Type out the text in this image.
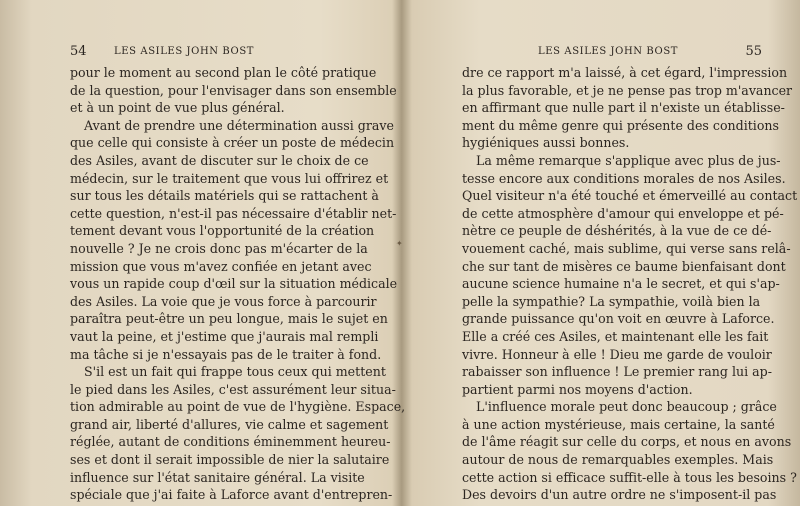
54	LES ASILES JOHN BOST
pour le moment au second plan le côté pratique
de la question, pour l'envisager dans son ensemble
et à un point de vue plus général.
Avant de prendre une détermination aussi grave
que celle qui consiste à créer un poste de médecin
des Asiles, avant de discuter sur le choix de ce
médecin, sur le traitement que vous lui offrirez et
sur tous les détails matériels qui se rattachent à
cette question, n'est-il pas nécessaire d'établir net-
tement devant vous l'opportunité de la création
nouvelle ? Je ne crois donc pas m'écarter de la
mission que vous m'avez confiée en jetant avec
vous un rapide coup d'œil sur la situation médicale
des Asiles. La voie que je vous force à parcourir
paraîtra peut-être un peu longue, mais le sujet en
vaut la peine, et j'estime que j'aurais mal rempli
ma tâche si je n'essayais pas de le traiter à fond.
S'il est un fait qui frappe tous ceux qui mettent
le pied dans les Asiles, c'est assurément leur situa-
tion admirable au point de vue de l'hygiène. Espace,
grand air, liberté d'allures, vie calme et sagement
réglée, autant de conditions éminemment heureu-
ses et dont il serait impossible de nier la salutaire
influence sur l'état sanitaire général. La visite
spéciale que j'ai faite à Laforce avant d'entrepren-
✦
LES ASILES JOHN BOST	55
dre ce rapport m'a laissé, à cet égard, l'impression
la plus favorable, et je ne pense pas trop m'avancer
en affirmant que nulle part il n'existe un établisse-
ment du même genre qui présente des conditions
hygiéniques aussi bonnes.
La même remarque s'applique avec plus de jus-
tesse encore aux conditions morales de nos Asiles.
Quel visiteur n'a été touché et émerveillé au contact
de cette atmosphère d'amour qui enveloppe et pé-
nètre ce peuple de déshérités, à la vue de ce dé-
vouement caché, mais sublime, qui verse sans relâ-
che sur tant de misères ce baume bienfaisant dont
aucune science humaine n'a le secret, et qui s'ap-
pelle la sympathie? La sympathie, voilà bien la
grande puissance qu'on voit en œuvre à Laforce.
Elle a créé ces Asiles, et maintenant elle les fait
vivre. Honneur à elle ! Dieu me garde de vouloir
rabaisser son influence ! Le premier rang lui ap-
partient parmi nos moyens d'action.
L'influence morale peut donc beaucoup ; grâce
à une action mystérieuse, mais certaine, la santé
de l'âme réagit sur celle du corps, et nous en avons
autour de nous de remarquables exemples. Mais
cette action si efficace suffit-elle à tous les besoins ?
Des devoirs d'un autre ordre ne s'imposent-il pas
